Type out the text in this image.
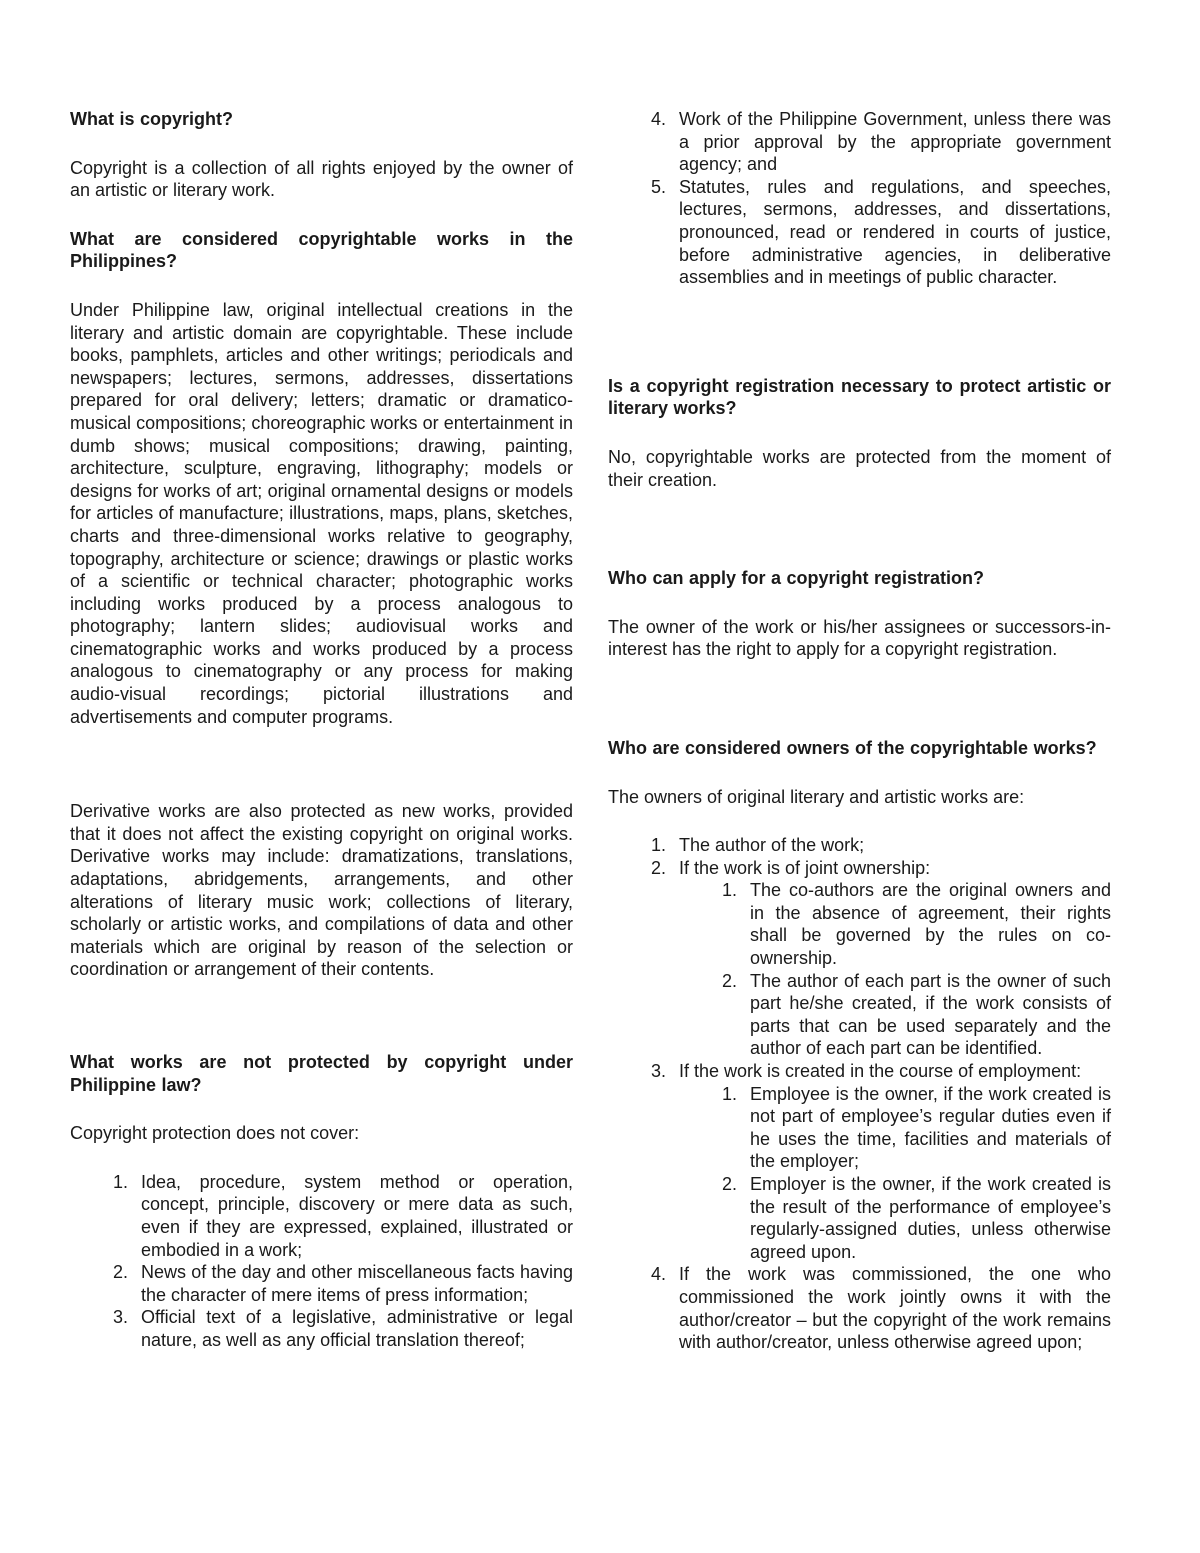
What is copyright?

Copyright is a collection of all rights enjoyed by the owner of an artistic or literary work.

What are considered copyrightable works in the Philippines?

Under Philippine law, original intellectual creations in the literary and artistic domain are copyrightable. These include books, pamphlets, articles and other writings; periodicals and newspapers; lectures, sermons, addresses, dissertations prepared for oral delivery; letters; dramatic or dramatico-musical compositions; choreographic works or entertainment in dumb shows; musical compositions; drawing, painting, architecture, sculpture, engraving, lithography; models or designs for works of art; original ornamental designs or models for articles of manufacture; illustrations, maps, plans, sketches, charts and three-dimensional works relative to geography, topography, architecture or science; drawings or plastic works of a scientific or technical character; photographic works including works produced by a process analogous to photography; lantern slides; audiovisual works and cinematographic works and works produced by a process analogous to cinematography or any process for making audio-visual recordings; pictorial illustrations and advertisements and computer programs.

Derivative works are also protected as new works, provided that it does not affect the existing copyright on original works. Derivative works may include: dramatizations, translations, adaptations, abridgements, arrangements, and other alterations of literary music work; collections of literary, scholarly or artistic works, and compilations of data and other materials which are original by reason of the selection or coordination or arrangement of their contents.

What works are not protected by copyright under Philippine law?

Copyright protection does not cover:

1. Idea, procedure, system method or operation, concept, principle, discovery or mere data as such, even if they are expressed, explained, illustrated or embodied in a work;
2. News of the day and other miscellaneous facts having the character of mere items of press information;
3. Official text of a legislative, administrative or legal nature, as well as any official translation thereof;
4. Work of the Philippine Government, unless there was a prior approval by the appropriate government agency; and
5. Statutes, rules and regulations, and speeches, lectures, sermons, addresses, and dissertations, pronounced, read or rendered in courts of justice, before administrative agencies, in deliberative assemblies and in meetings of public character.

Is a copyright registration necessary to protect artistic or literary works?

No, copyrightable works are protected from the moment of their creation.

Who can apply for a copyright registration?

The owner of the work or his/her assignees or successors-in-interest has the right to apply for a copyright registration.

Who are considered owners of the copyrightable works?

The owners of original literary and artistic works are:

1. The author of the work;
2. If the work is of joint ownership:
1. The co-authors are the original owners and in the absence of agreement, their rights shall be governed by the rules on co-ownership.
2. The author of each part is the owner of such part he/she created, if the work consists of parts that can be used separately and the author of each part can be identified.
3. If the work is created in the course of employment:
1. Employee is the owner, if the work created is not part of employee’s regular duties even if he uses the time, facilities and materials of the employer;
2. Employer is the owner, if the work created is the result of the performance of employee’s regularly-assigned duties, unless otherwise agreed upon.
4. If the work was commissioned, the one who commissioned the work jointly owns it with the author/creator – but the copyright of the work remains with author/creator, unless otherwise agreed upon;
